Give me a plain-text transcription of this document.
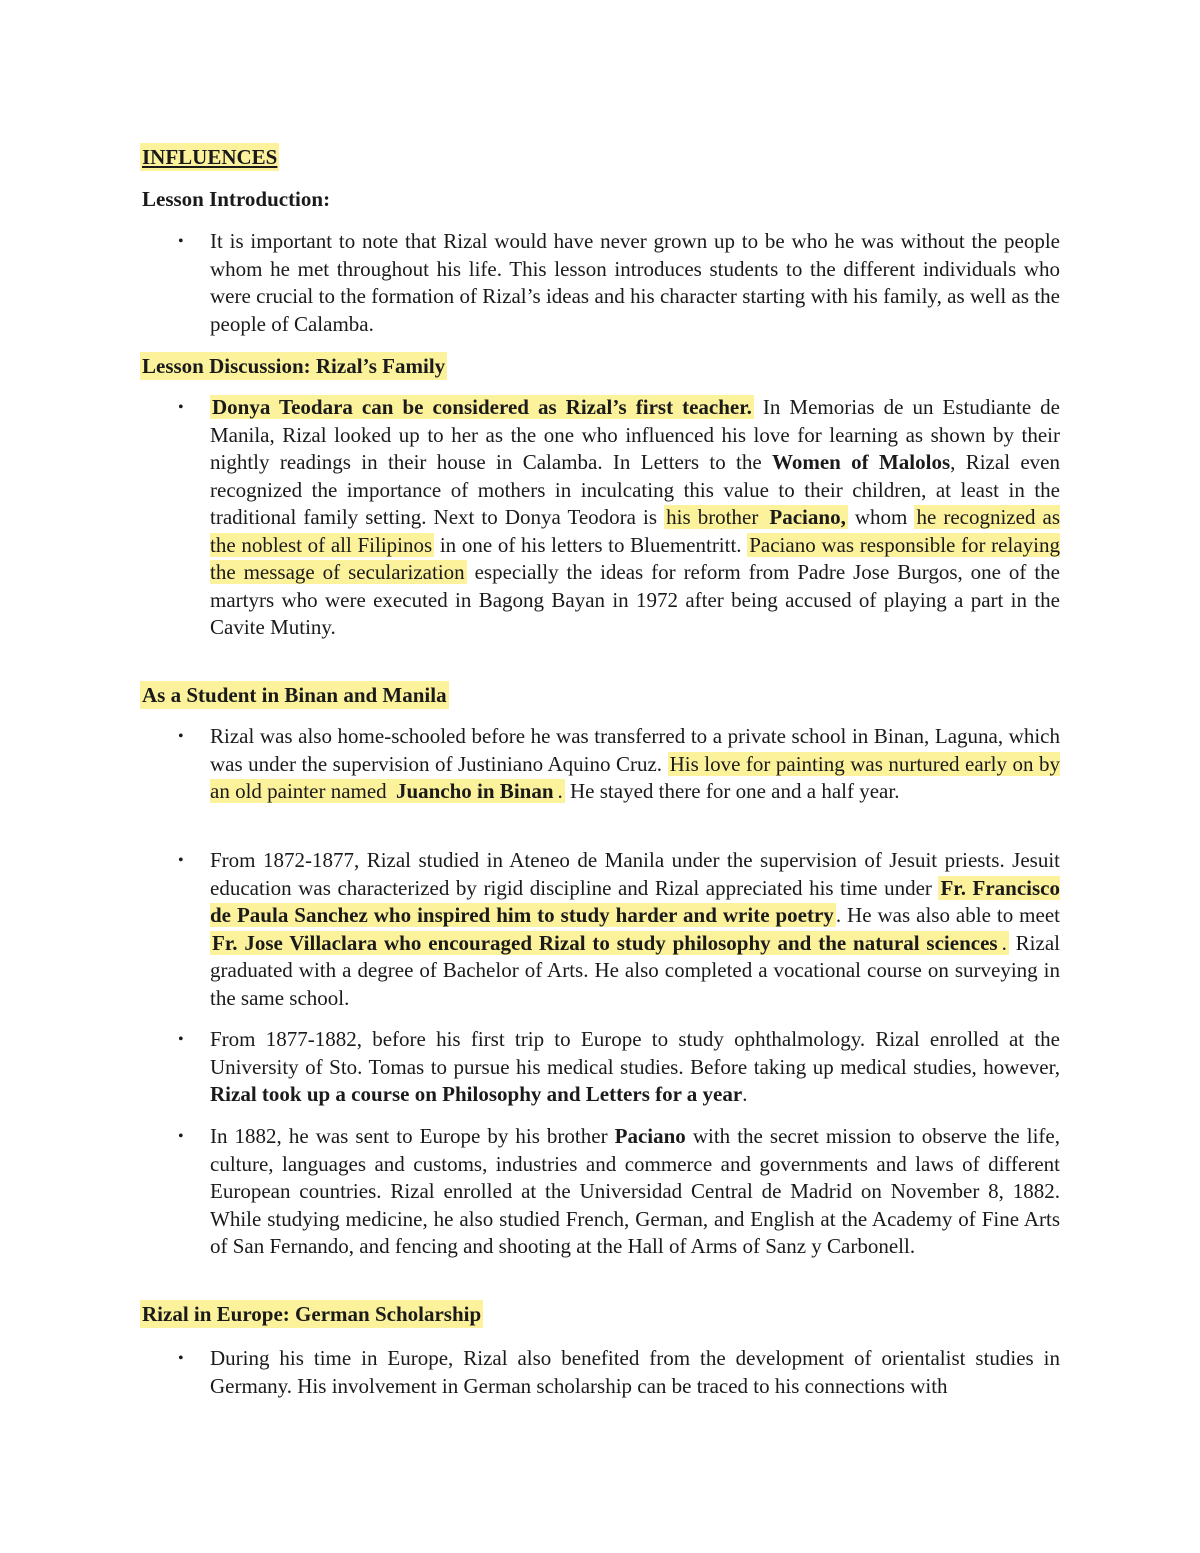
INFLUENCES
Lesson Introduction:
• It is important to note that Rizal would have never grown up to be who he was without the people whom he met throughout his life. This lesson introduces students to the different individuals who were crucial to the formation of Rizal’s ideas and his character starting with his family, as well as the people of Calamba.
Lesson Discussion: Rizal’s Family
• Donya Teodara can be considered as Rizal’s first teacher. In Memorias de un Estudiante de Manila, Rizal looked up to her as the one who influenced his love for learning as shown by their nightly readings in their house in Calamba. In Letters to the Women of Malolos, Rizal even recognized the importance of mothers in inculcating this value to their children, at least in the traditional family setting. Next to Donya Teodora is his brother Paciano, whom he recognized as the noblest of all Filipinos in one of his letters to Bluementritt. Paciano was responsible for relaying the message of secularization especially the ideas for reform from Padre Jose Burgos, one of the martyrs who were executed in Bagong Bayan in 1972 after being accused of playing a part in the Cavite Mutiny.
As a Student in Binan and Manila
• Rizal was also home-schooled before he was transferred to a private school in Binan, Laguna, which was under the supervision of Justiniano Aquino Cruz. His love for painting was nurtured early on by an old painter named Juancho in Binan . He stayed there for one and a half year.
• From 1872-1877, Rizal studied in Ateneo de Manila under the supervision of Jesuit priests. Jesuit education was characterized by rigid discipline and Rizal appreciated his time under Fr. Francisco de Paula Sanchez who inspired him to study harder and write poetry. He was also able to meet Fr. Jose Villaclara who encouraged Rizal to study philosophy and the natural sciences . Rizal graduated with a degree of Bachelor of Arts. He also completed a vocational course on surveying in the same school.
• From 1877-1882, before his first trip to Europe to study ophthalmology. Rizal enrolled at the University of Sto. Tomas to pursue his medical studies. Before taking up medical studies, however, Rizal took up a course on Philosophy and Letters for a year.
• In 1882, he was sent to Europe by his brother Paciano with the secret mission to observe the life, culture, languages and customs, industries and commerce and governments and laws of different European countries. Rizal enrolled at the Universidad Central de Madrid on November 8, 1882. While studying medicine, he also studied French, German, and English at the Academy of Fine Arts of San Fernando, and fencing and shooting at the Hall of Arms of Sanz y Carbonell.
Rizal in Europe: German Scholarship
• During his time in Europe, Rizal also benefited from the development of orientalist studies in Germany. His involvement in German scholarship can be traced to his connections with
